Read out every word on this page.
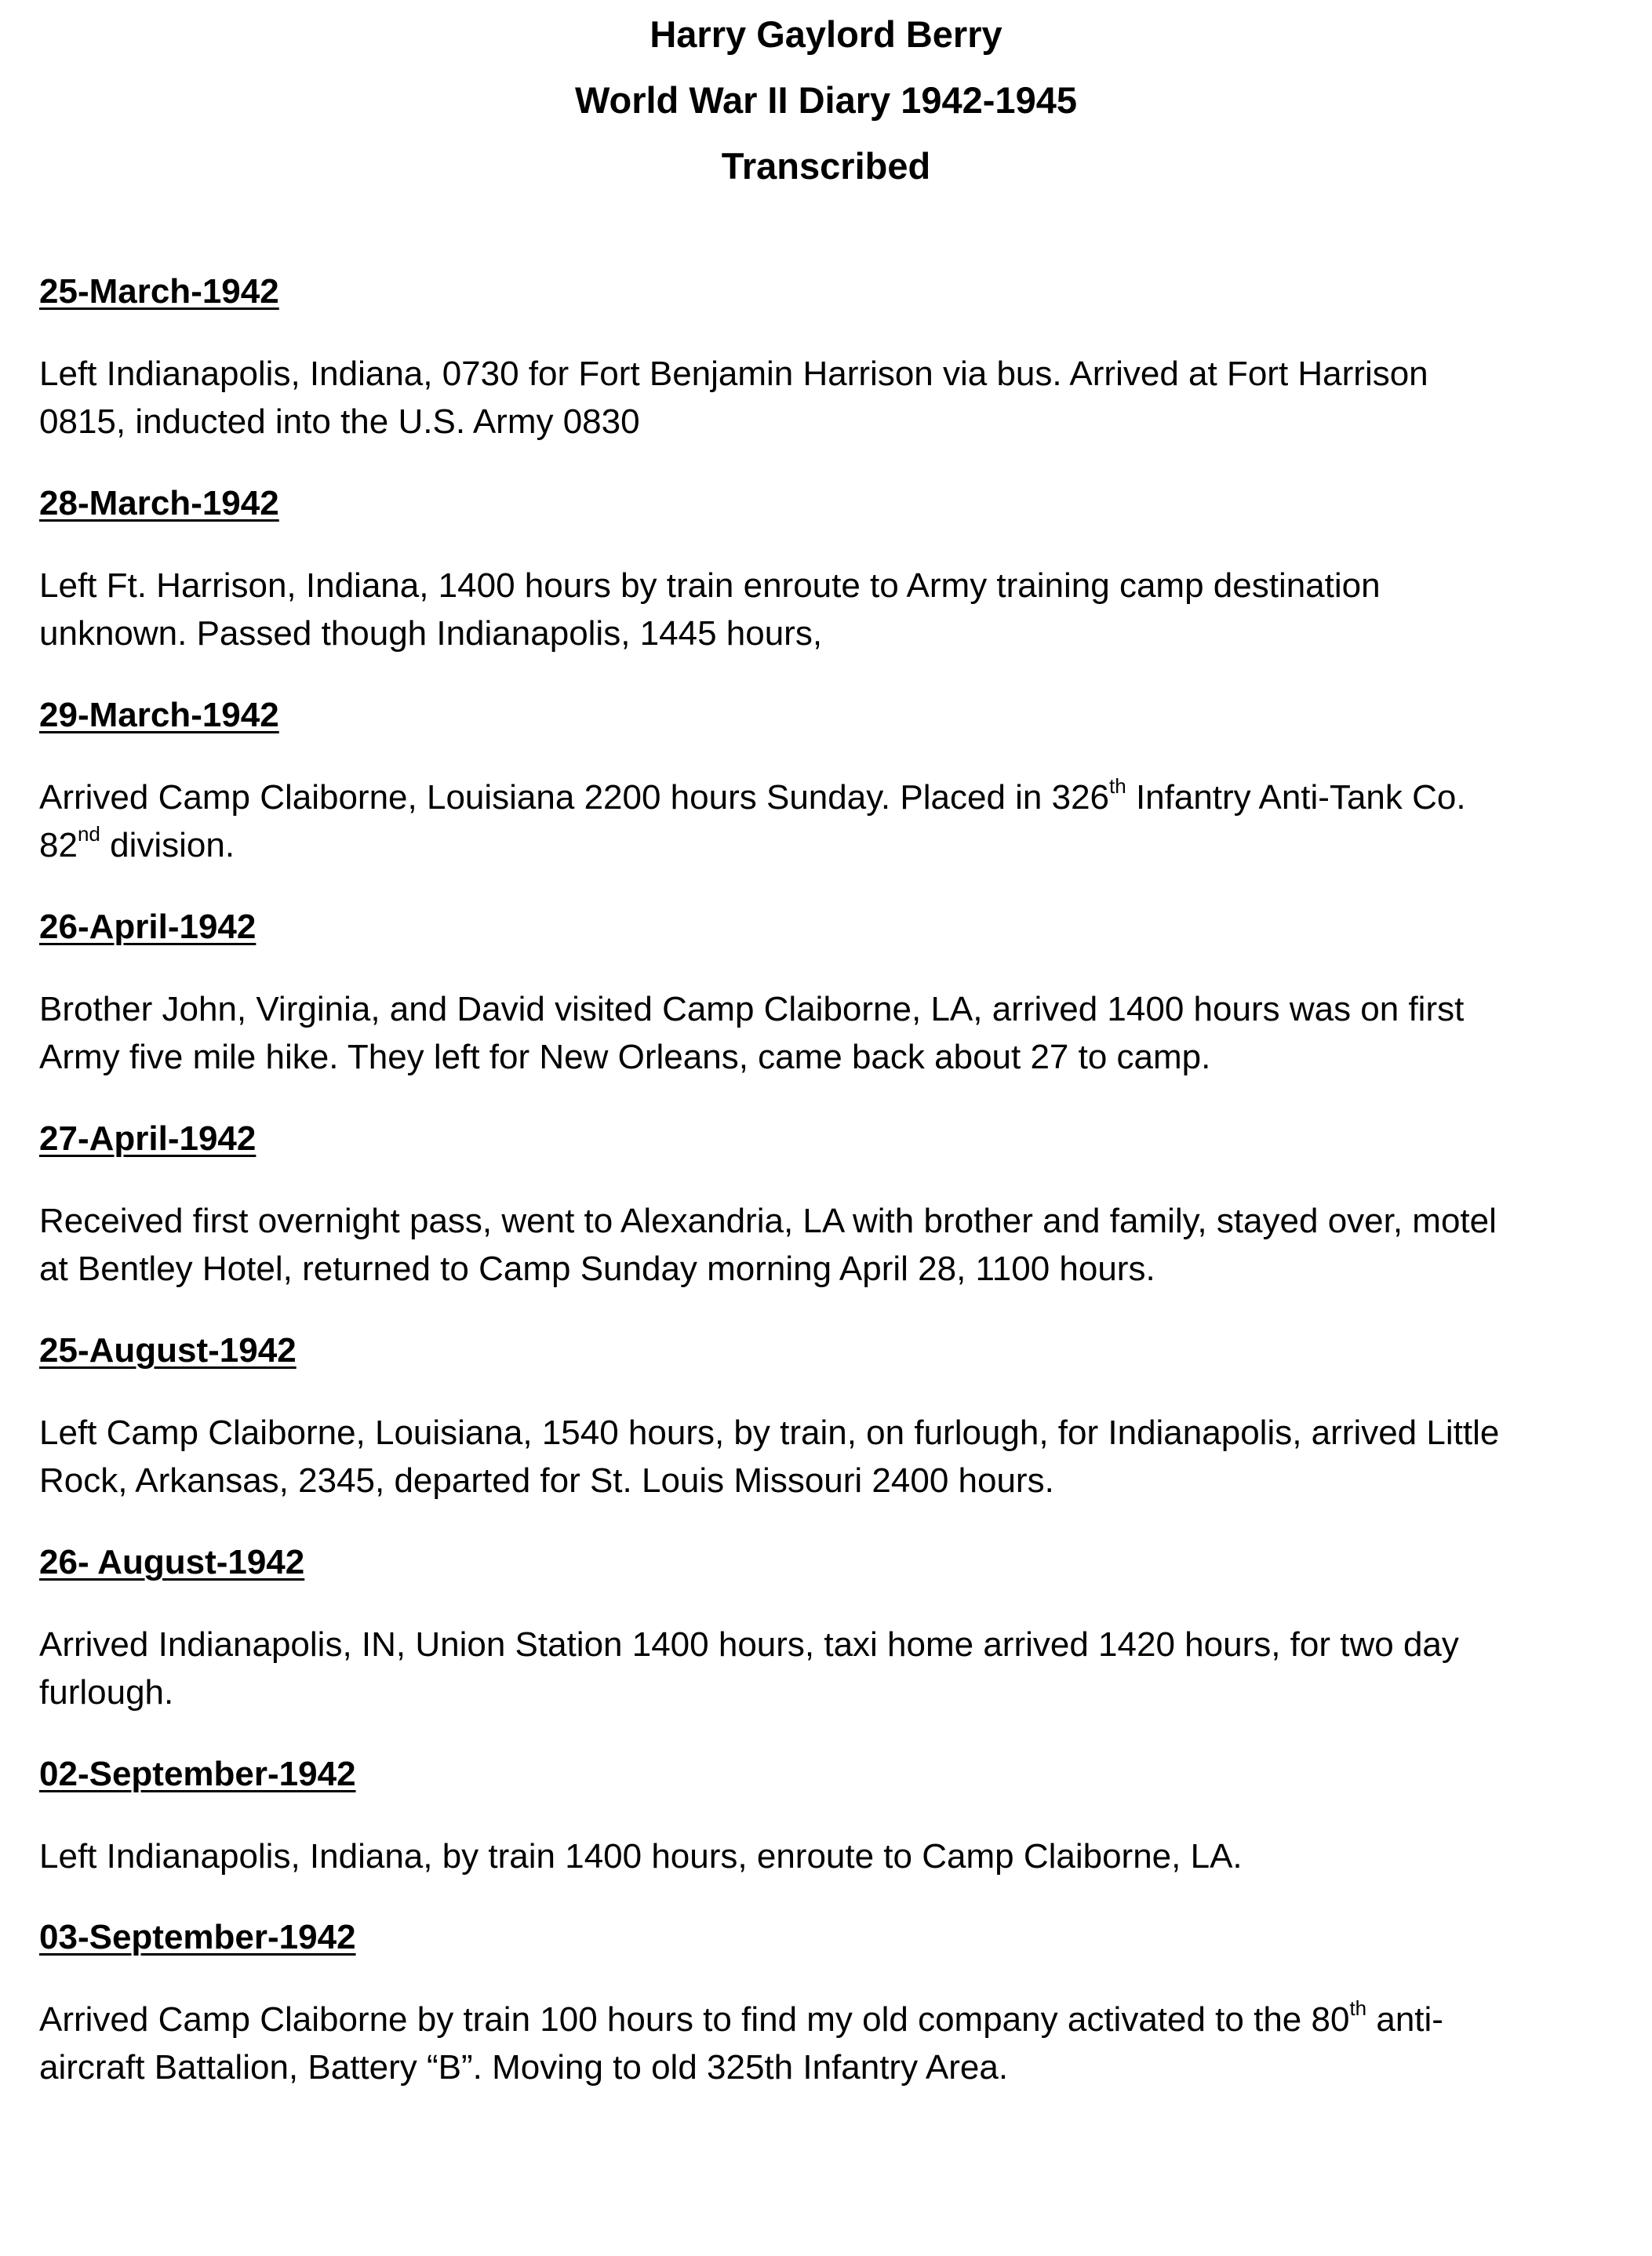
Harry Gaylord Berry
World War II Diary 1942-1945
Transcribed
25-March-1942
Left Indianapolis, Indiana, 0730 for Fort Benjamin Harrison via bus. Arrived at Fort Harrison
0815, inducted into the U.S. Army 0830
28-March-1942
Left Ft. Harrison, Indiana, 1400 hours by train enroute to Army training camp destination
unknown. Passed though Indianapolis, 1445 hours,
29-March-1942
Arrived Camp Claiborne, Louisiana 2200 hours Sunday. Placed in 326th Infantry Anti-Tank Co.
82nd division.
26-April-1942
Brother John, Virginia, and David visited Camp Claiborne, LA, arrived 1400 hours was on first
Army five mile hike. They left for New Orleans, came back about 27 to camp.
27-April-1942
Received first overnight pass, went to Alexandria, LA with brother and family, stayed over, motel
at Bentley Hotel, returned to Camp Sunday morning April 28, 1100 hours.
25-August-1942
Left Camp Claiborne, Louisiana, 1540 hours, by train, on furlough, for Indianapolis, arrived Little
Rock, Arkansas, 2345, departed for St. Louis Missouri 2400 hours.
26- August-1942
Arrived Indianapolis, IN, Union Station 1400 hours, taxi home arrived 1420 hours, for two day
furlough.
02-September-1942
Left Indianapolis, Indiana, by train 1400 hours, enroute to Camp Claiborne, LA.
03-September-1942
Arrived Camp Claiborne by train 100 hours to find my old company activated to the 80th anti-
aircraft Battalion, Battery “B”. Moving to old 325th Infantry Area.
